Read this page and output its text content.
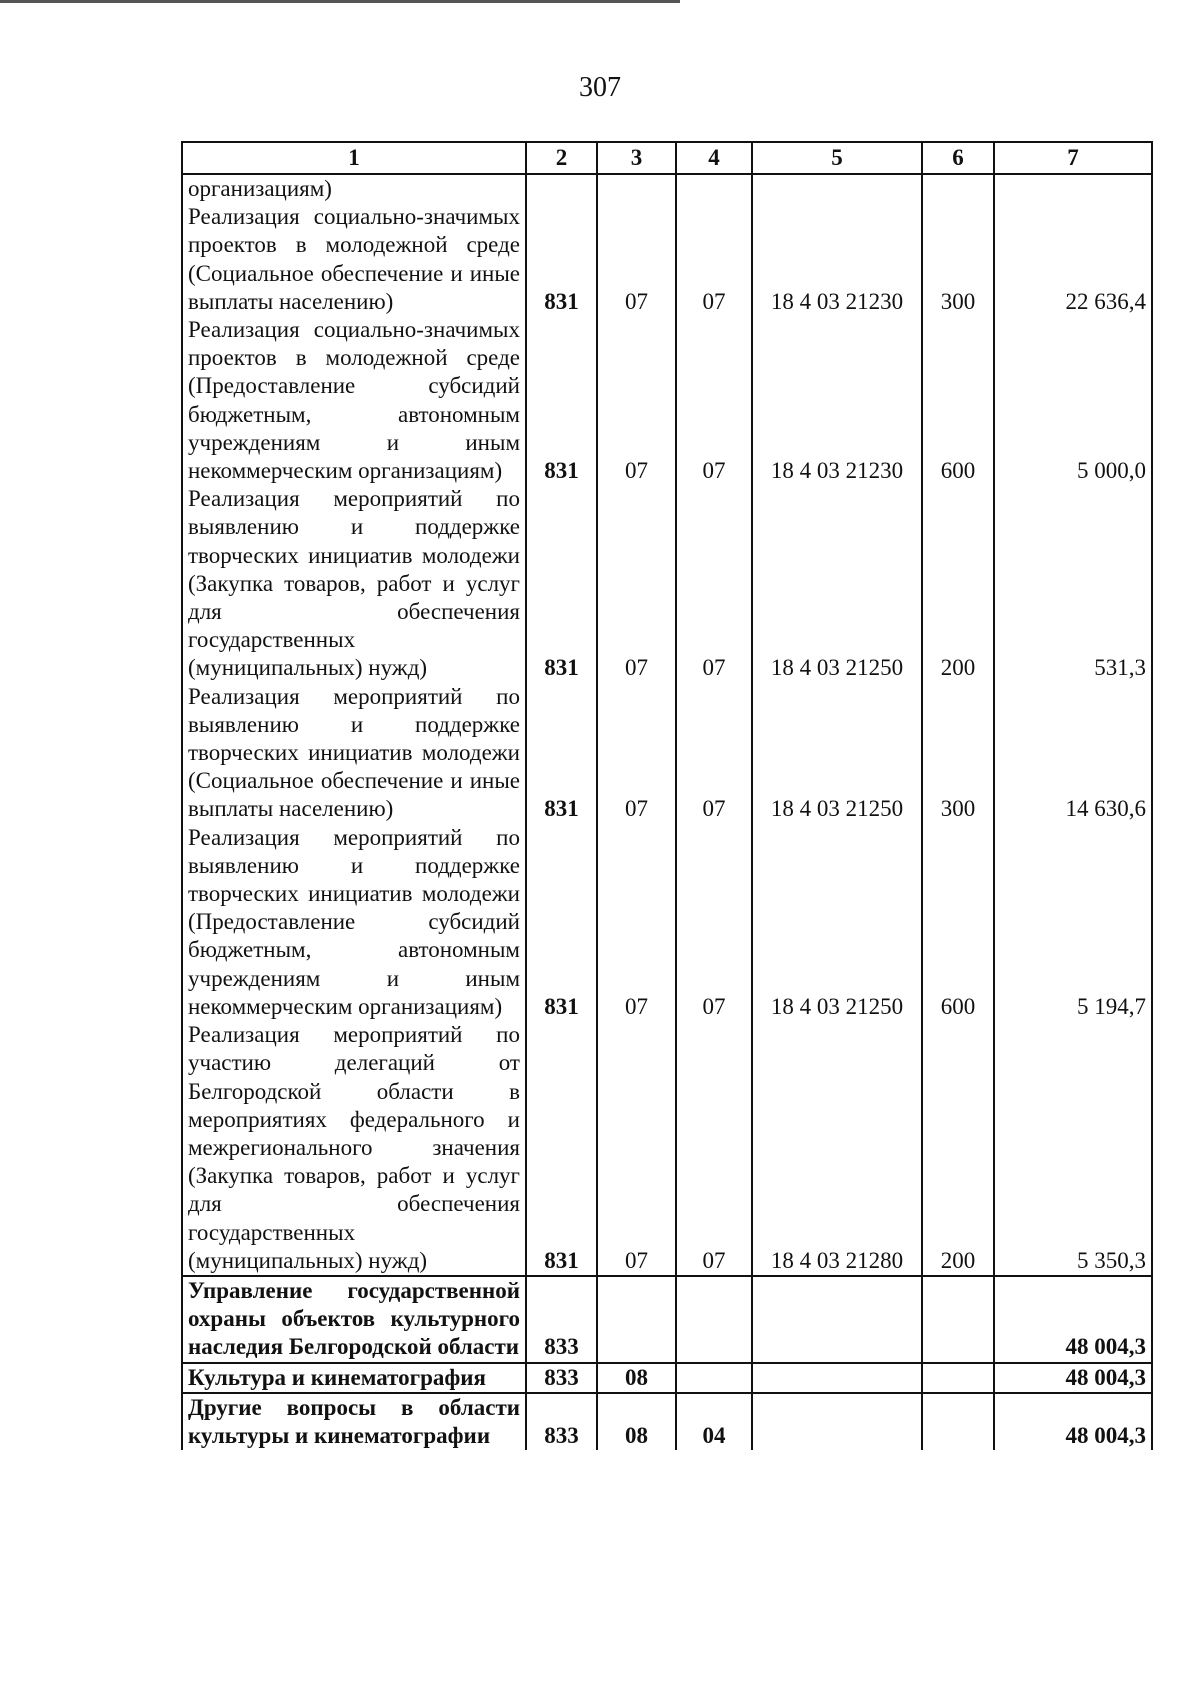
307
1	2	3	4	5	6	7
организациям)						
Реализация социально-значимых проектов в молодежной среде (Социальное обеспечение и иные выплаты населению)	831	07	07	18 4 03 21230	300	22 636,4
Реализация социально-значимых проектов в молодежной среде (Предоставление субсидий бюджетным, автономным учреждениям и иным некоммерческим организациям)	831	07	07	18 4 03 21230	600	5 000,0
Реализация мероприятий по выявлению и поддержке творческих инициатив молодежи (Закупка товаров, работ и услуг для обеспечения государственных (муниципальных) нужд)	831	07	07	18 4 03 21250	200	531,3
Реализация мероприятий по выявлению и поддержке творческих инициатив молодежи (Социальное обеспечение и иные выплаты населению)	831	07	07	18 4 03 21250	300	14 630,6
Реализация мероприятий по выявлению и поддержке творческих инициатив молодежи (Предоставление субсидий бюджетным, автономным учреждениям и иным некоммерческим организациям)	831	07	07	18 4 03 21250	600	5 194,7
Реализация мероприятий по участию делегаций от Белгородской области в мероприятиях федерального и межрегионального значения (Закупка товаров, работ и услуг для обеспечения государственных (муниципальных) нужд)	831	07	07	18 4 03 21280	200	5 350,3
Управление государственной охраны объектов культурного наследия Белгородской области	833					48 004,3
Культура и кинематография	833	08				48 004,3
Другие вопросы в области культуры и кинематографии	833	08	04			48 004,3
